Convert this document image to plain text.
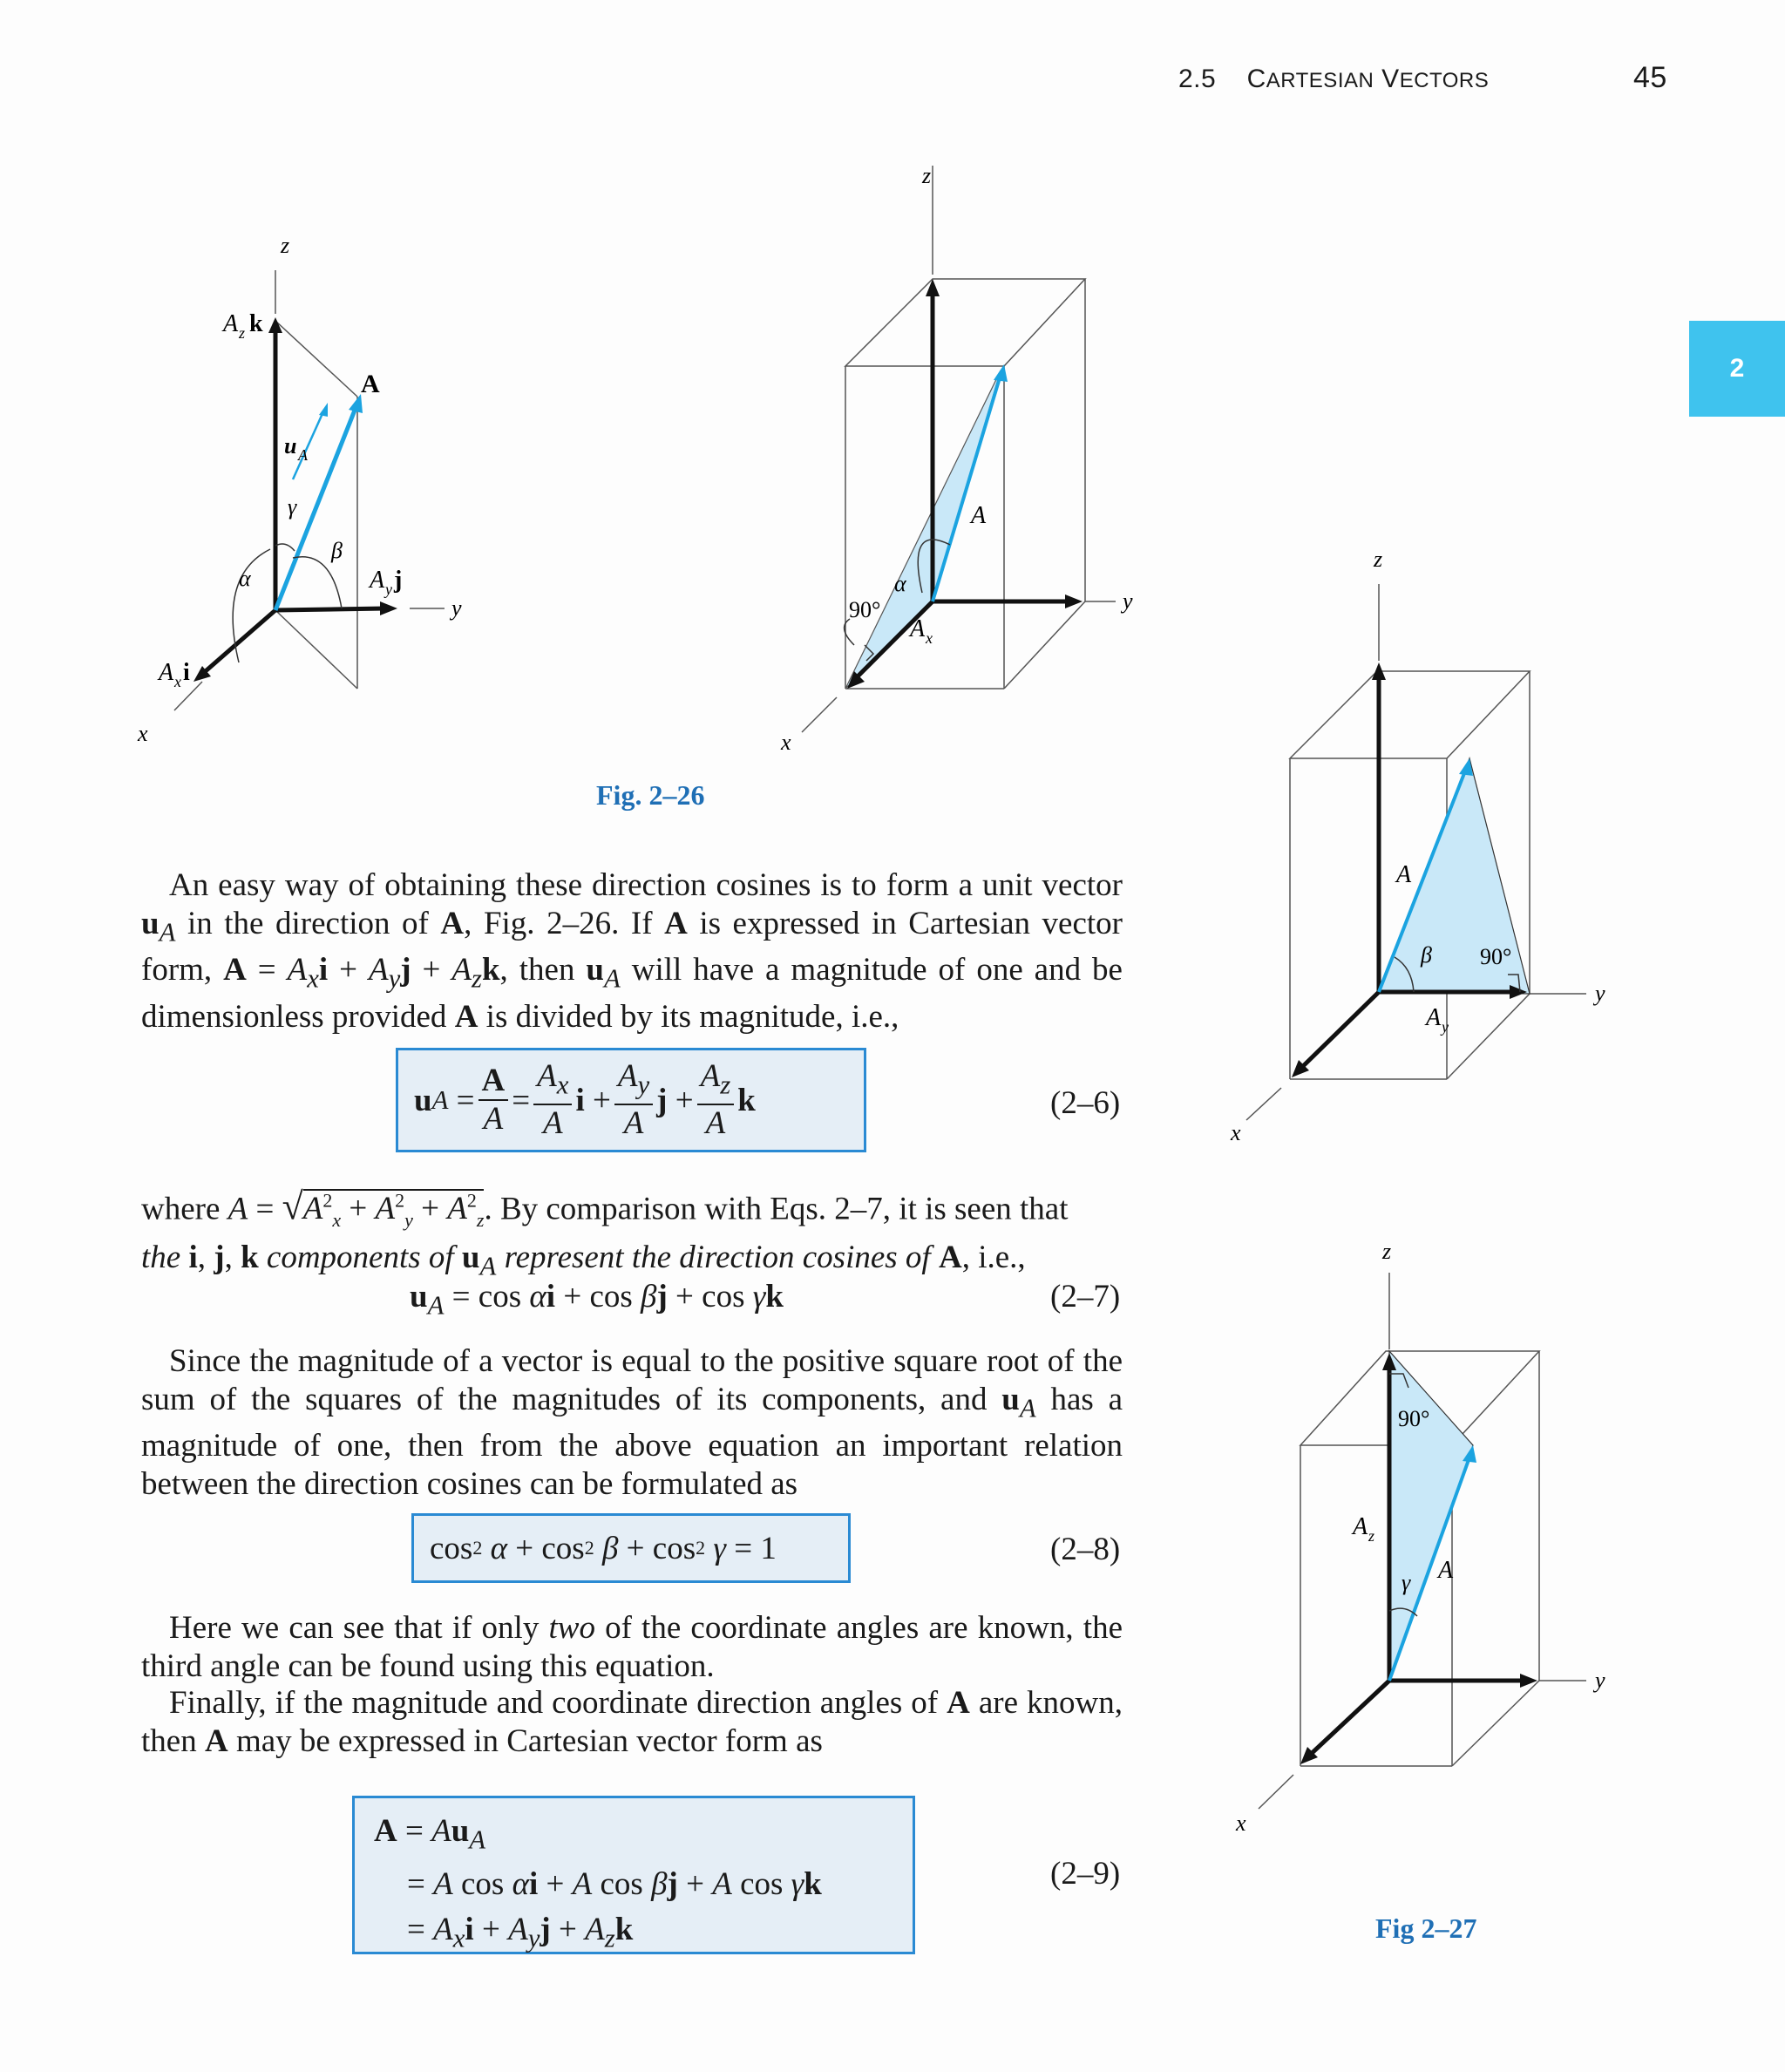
2.5 CARTESIAN VECTORS	45
2
z
A z k
A
u A
γ
β
α	A y j
y
A x i
x
z
A
α
90°
A x
y
x
Fig. 2–26
z
A
β 90°
A y
y
x
z
90°
A z
γ A
y
x
Fig 2–27
An easy way of obtaining these direction cosines is to form a unit vector $u_A$ in the direction of A, Fig. 2–26. If A is expressed in Cartesian vector form, $A = A_xi + A_yj + A_zk$, then $u_A$ will have a magnitude of one and be dimensionless provided A is divided by its magnitude, i.e.,
u A
= $\frac{A}{A} = \frac{A_x}{A}$ i
+ $\frac{A_y}{A}$ j
+ $\frac{A_z}{A}$ k	(2–6)
where $A = √A^2_x + A^2_y + A^2_z$. By comparison with Eqs. 2–7, it is seen that
the i, j, k components of $u_A$ represent the direction cosines of A, i.e.,
$u_A = \cos \alpha i + \cos \beta j + \cos \gamma k$	(2–7)
Since the magnitude of a vector is equal to the positive square root of the sum of the squares of the magnitudes of its components, and $u_A$ has a magnitude of one, then from the above equation an important relation between the direction cosines can be formulated as
cos 2
α
+
cos 2
β
+
cos 2
γ
=
1	(2–8)
Here we can see that if only two of the coordinate angles are known, the third angle can be found using this equation.
Finally, if the magnitude and coordinate direction angles of A are known, then A may be expressed in Cartesian vector form as
$A = Au_A$
= A cos αi + A cos βj + A cos γk
= $A_xi + A_yj + A_zk$
(2–9)
